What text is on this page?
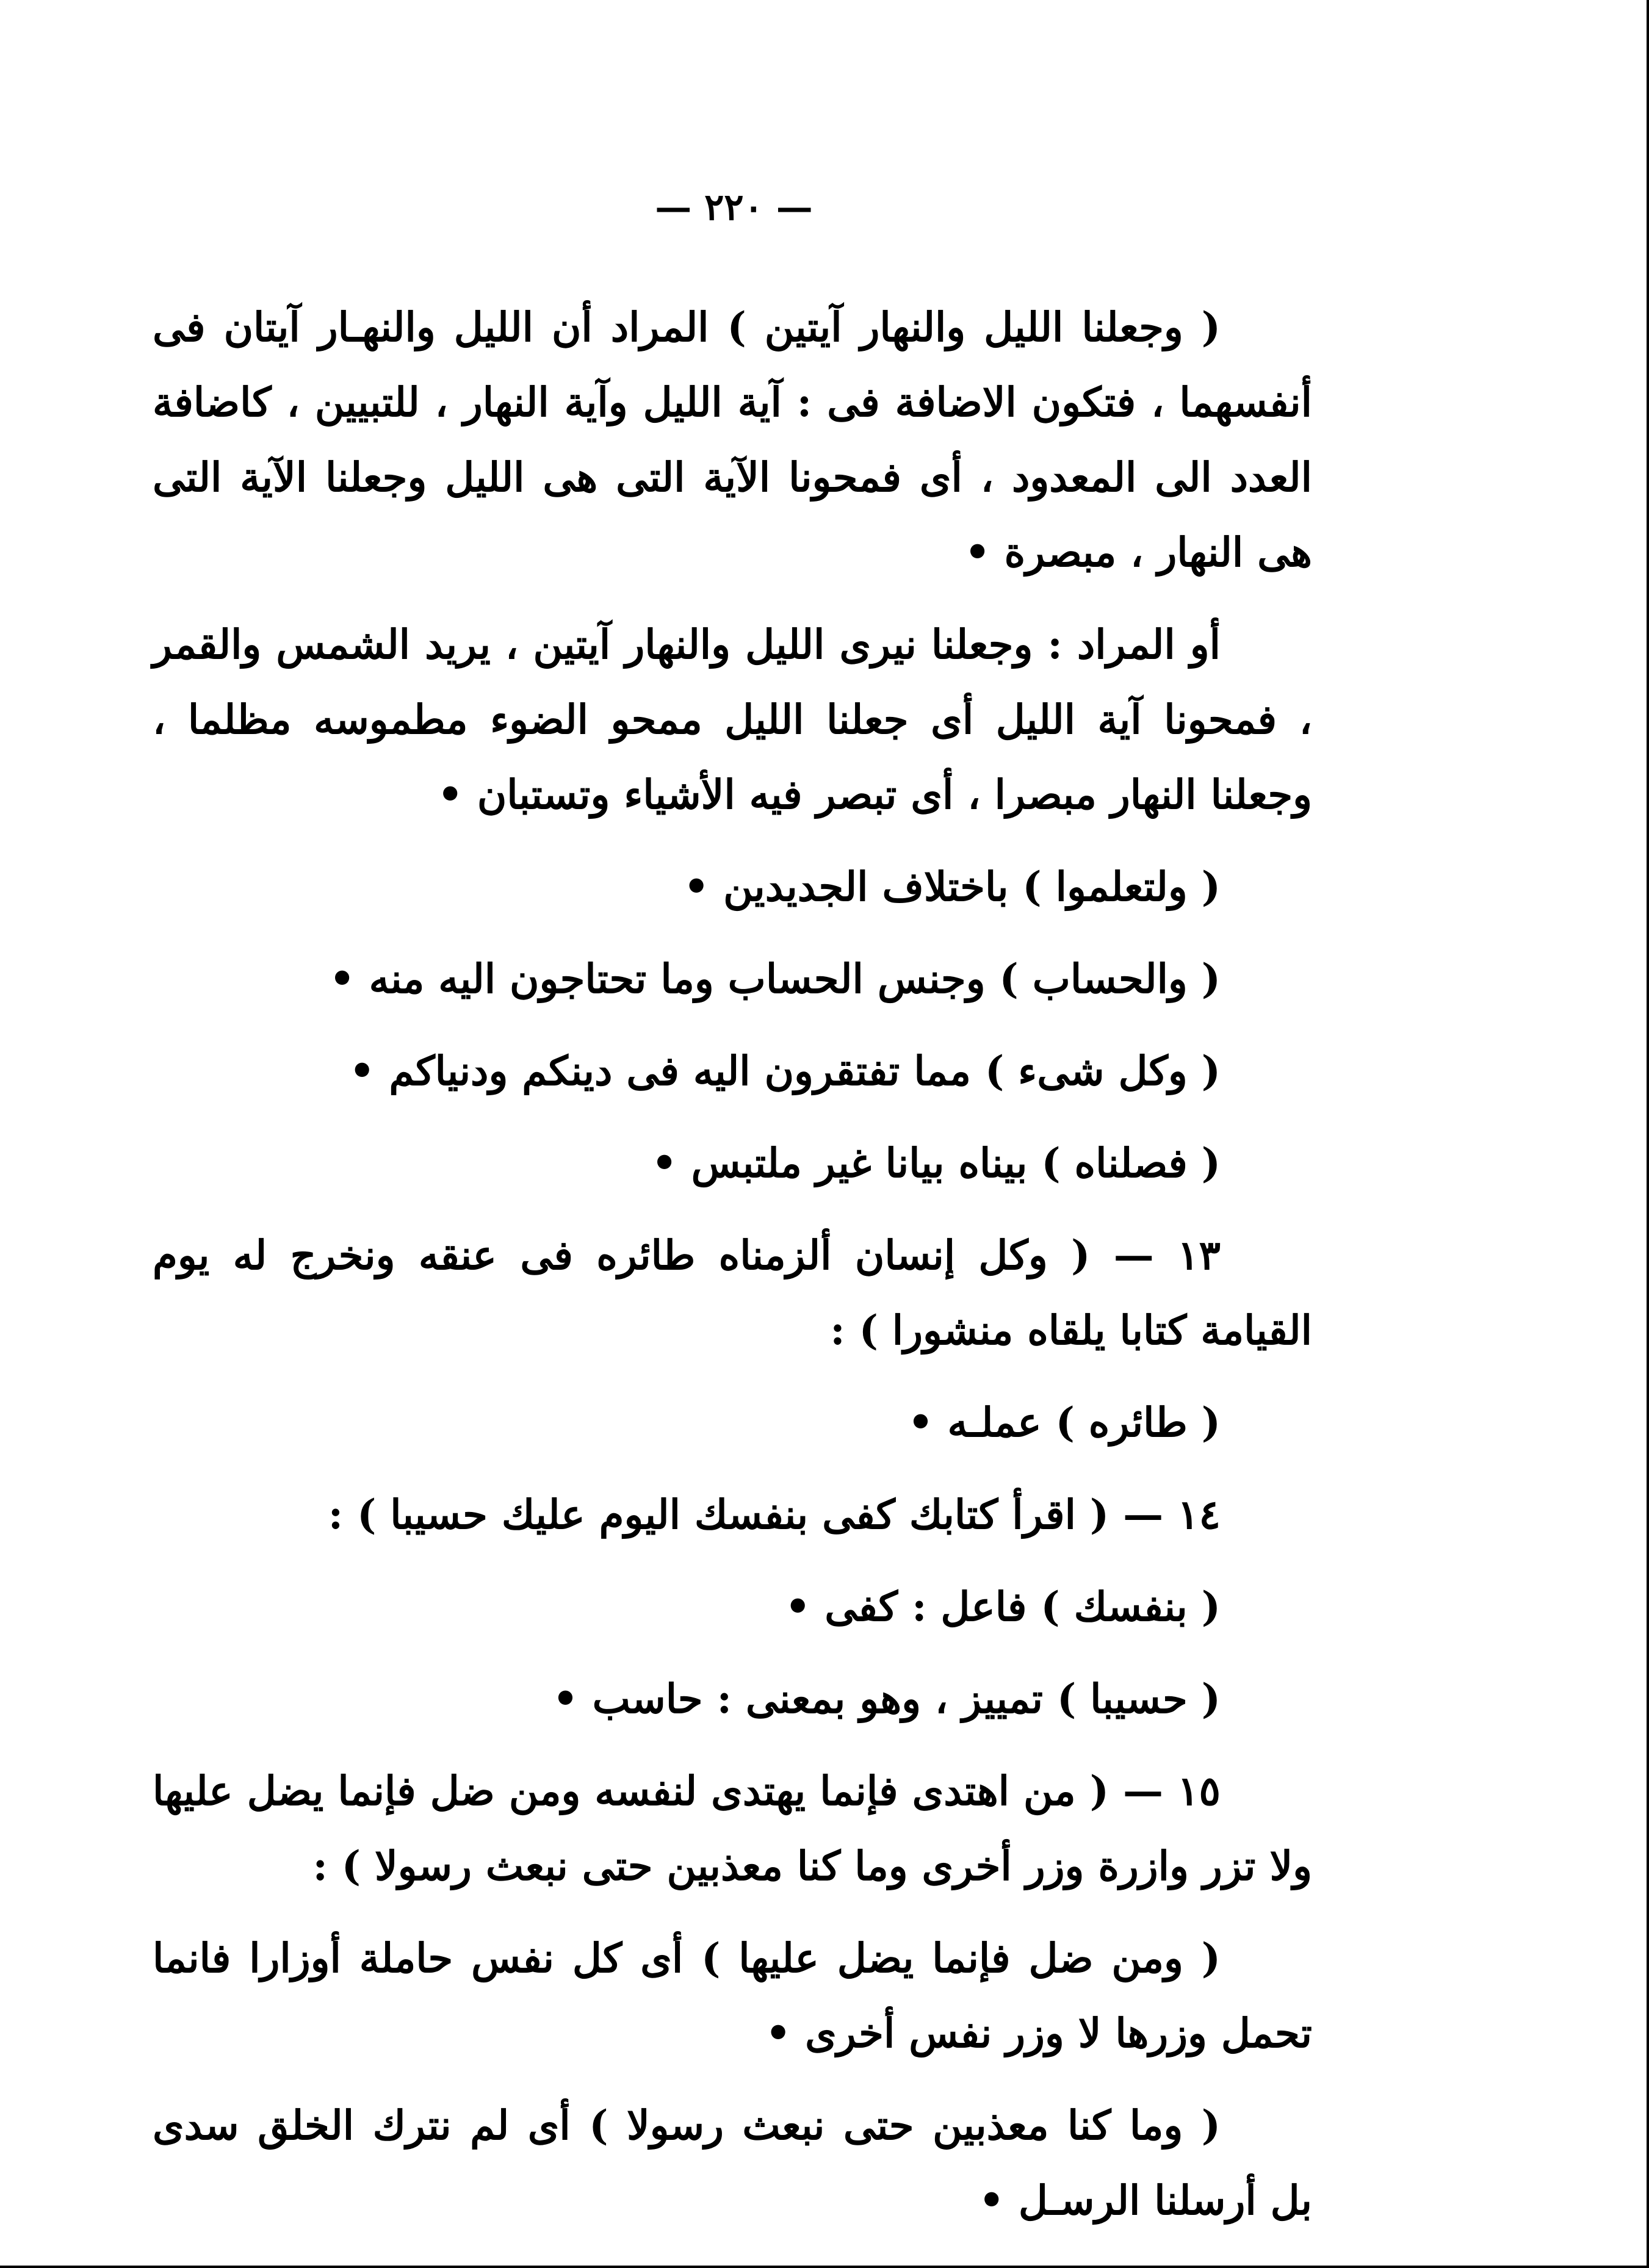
— ٢٢٠ —

( وجعلنا الليل والنهار آيتين ) المراد أن الليل والنهـار آيتان فى أنفسهما ، فتكون الاضافة فى : آية الليل وآية النهار ، للتبيين ، كاضافة العدد الى المعدود ، أى فمحونا الآية التى هى الليل وجعلنا الآية التى هى النهار ، مبصرة •

أو المراد : وجعلنا نيرى الليل والنهار آيتين ، يريد الشمس والقمر ، فمحونا آية الليل أى جعلنا الليل ممحو الضوء مطموسه مظلما ، وجعلنا النهار مبصرا ، أى تبصر فيه الأشياء وتستبان •

( ولتعلموا ) باختلاف الجديدين •

( والحساب ) وجنس الحساب وما تحتاجون اليه منه •

( وكل شىء ) مما تفتقرون اليه فى دينكم ودنياكم •

( فصلناه ) بيناه بيانا غير ملتبس •

١٣ — ( وكل إنسان ألزمناه طائره فى عنقه ونخرج له يوم القيامة كتابا يلقاه منشورا ) :

( طائره ) عملـه •

١٤ — ( اقرأ كتابك كفى بنفسك اليوم عليك حسيبا ) :

( بنفسك ) فاعل : كفى •

( حسيبا ) تمييز ، وهو بمعنى : حاسب •

١٥ — ( من اهتدى فإنما يهتدى لنفسه ومن ضل فإنما يضل عليها ولا تزر وازرة وزر أخرى وما كنا معذبين حتى نبعث رسولا ) :

( ومن ضل فإنما يضل عليها ) أى كل نفس حاملة أوزارا فانما تحمل وزرها لا وزر نفس أخرى •

( وما كنا معذبين حتى نبعث رسولا ) أى لم نترك الخلق سدى بل أرسلنا الرسـل •
